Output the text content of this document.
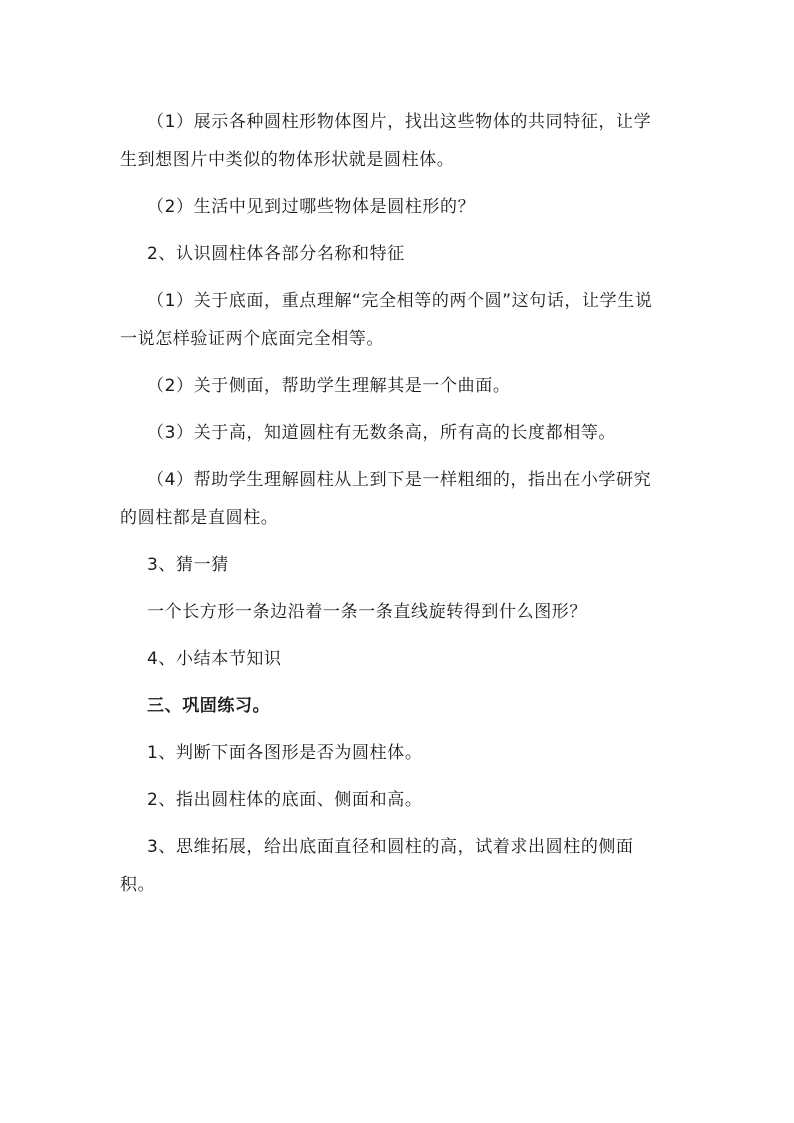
（1）展示各种圆柱形物体图片，找出这些物体的共同特征，让学生到想图片中类似的物体形状就是圆柱体。

（2）生活中见到过哪些物体是圆柱形的？

2、认识圆柱体各部分名称和特征

（1）关于底面，重点理解“完全相等的两个圆”这句话，让学生说一说怎样验证两个底面完全相等。

（2）关于侧面，帮助学生理解其是一个曲面。

（3）关于高，知道圆柱有无数条高，所有高的长度都相等。

（4）帮助学生理解圆柱从上到下是一样粗细的，指出在小学研究的圆柱都是直圆柱。

3、猜一猜

一个长方形一条边沿着一条一条直线旋转得到什么图形？

4、小结本节知识

三、巩固练习。

1、判断下面各图形是否为圆柱体。

2、指出圆柱体的底面、侧面和高。

3、思维拓展，给出底面直径和圆柱的高，试着求出圆柱的侧面积。
